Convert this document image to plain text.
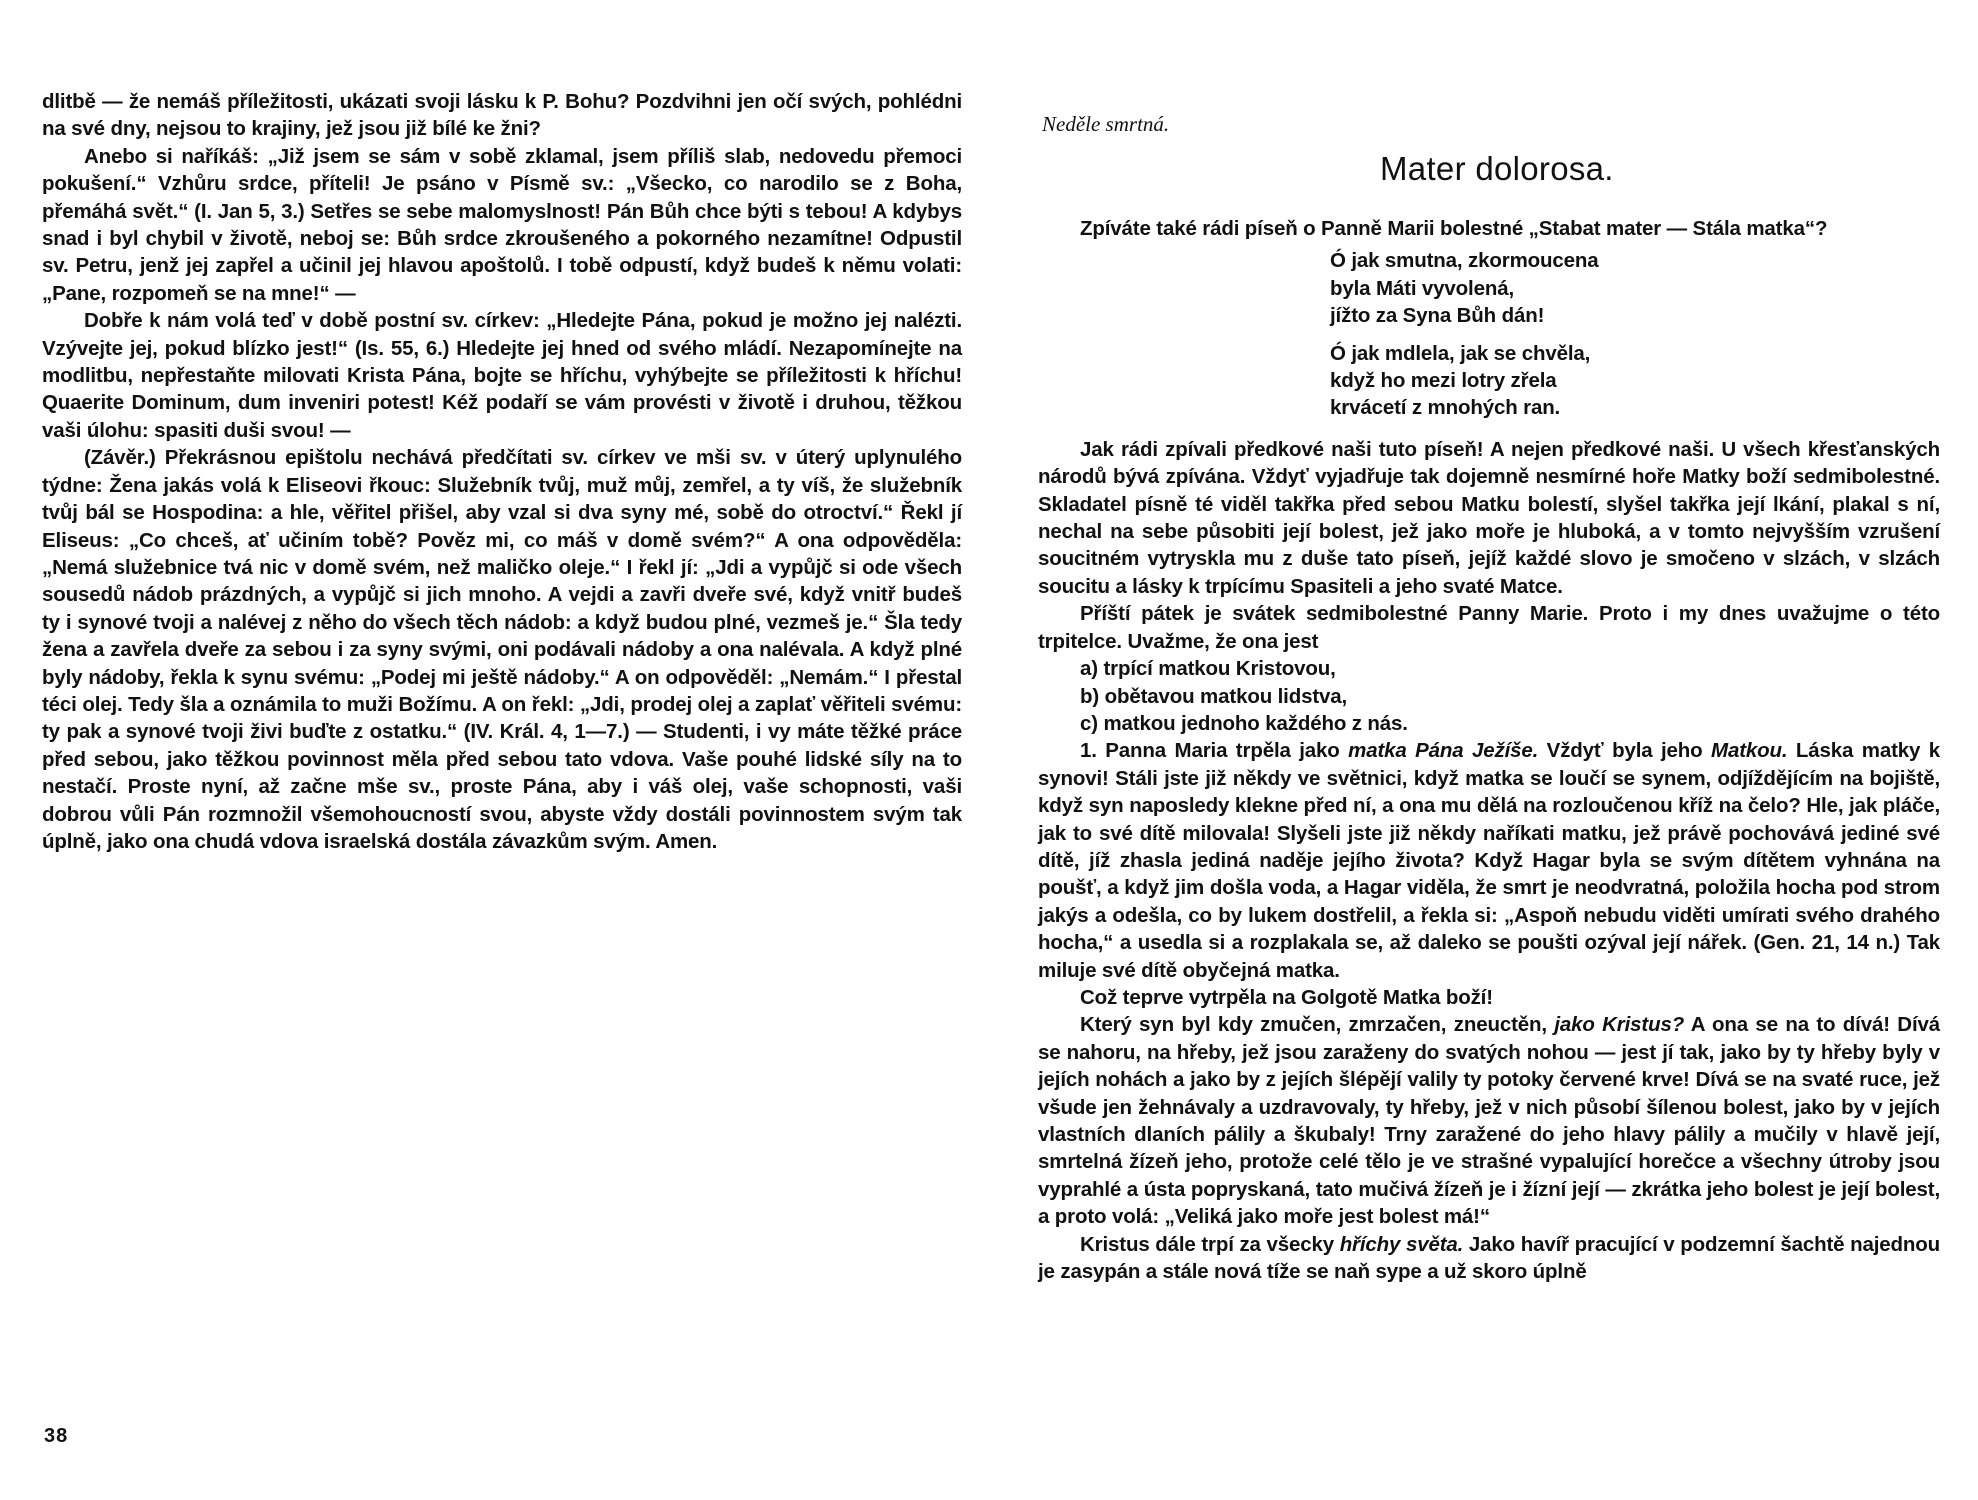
dlitbě — že nemáš příležitosti, ukázati svoji lásku k P. Bohu? Pozdvihni jen očí svých, pohlédni na své dny, nejsou to krajiny, jež jsou již bílé ke žni?

Anebo si naříkáš: „Již jsem se sám v sobě zklamal, jsem příliš slab, nedovedu přemoci pokušení.“ Vzhůru srdce, příteli! Je psáno v Písmě sv.: „Všecko, co narodilo se z Boha, přemáhá svět.“ (I. Jan 5, 3.) Setřes se sebe malomyslnost! Pán Bůh chce býti s tebou! A kdybys snad i byl chybil v životě, neboj se: Bůh srdce zkroušeného a pokorného nezamítne! Odpustil sv. Petru, jenž jej zapřel a učinil jej hlavou apoštolů. I tobě odpustí, když budeš k němu volati: „Pane, rozpomeň se na mne!“ —

Dobře k nám volá teď v době postní sv. církev: „Hledejte Pána, pokud je možno jej nalézti. Vzývejte jej, pokud blízko jest!“ (Is. 55, 6.) Hledejte jej hned od svého mládí. Nezapomínejte na modlitbu, nepřestaňte milovati Krista Pána, bojte se hříchu, vyhýbejte se příležitosti k hříchu! Quaerite Dominum, dum inveniri potest! Kéž podaří se vám provésti v životě i druhou, těžkou vaši úlohu: spasiti duši svou! —

(Závěr.) Překrásnou epištolu nechává předčítati sv. církev ve mši sv. v úterý uplynulého týdne: Žena jakás volá k Eliseovi řkouc: Služebník tvůj, muž můj, zemřel, a ty víš, že služebník tvůj bál se Hospodina: a hle, věřitel přišel, aby vzal si dva syny mé, sobě do otroctví.“ Řekl jí Eliseus: „Co chceš, ať učiním tobě? Pověz mi, co máš v domě svém?“ A ona odpověděla: „Nemá služebnice tvá nic v domě svém, než maličko oleje.“ I řekl jí: „Jdi a vypůjč si ode všech sousedů nádob prázdných, a vypůjč si jich mnoho. A vejdi a zavři dveře své, když vnitř budeš ty i synové tvoji a nalévej z něho do všech těch nádob: a když budou plné, vezmeš je.“ Šla tedy žena a zavřela dveře za sebou i za syny svými, oni podávali nádoby a ona nalévala. A když plné byly nádoby, řekla k synu svému: „Podej mi ještě nádoby.“ A on odpověděl: „Nemám.“ I přestal téci olej. Tedy šla a oznámila to muži Božímu. A on řekl: „Jdi, prodej olej a zaplať věřiteli svému: ty pak a synové tvoji živi buďte z ostatku.“ (IV. Král. 4, 1—7.) — Studenti, i vy máte těžké práce před sebou, jako těžkou povinnost měla před sebou tato vdova. Vaše pouhé lidské síly na to nestačí. Proste nyní, až začne mše sv., proste Pána, aby i váš olej, vaše schopnosti, vaši dobrou vůli Pán rozmnožil všemohoucností svou, abyste vždy dostáli povinnostem svým tak úplně, jako ona chudá vdova israelská dostála závazkům svým. Amen.

38
Neděle smrtná.
Mater dolorosa.

Zpíváte také rádi píseň o Panně Marii bolestné „Stabat mater — Stála matka“?

Ó jak smutna, zkormoucena
byla Máti vyvolená,
jížto za Syna Bůh dán!
Ó jak mdlela, jak se chvěla,
když ho mezi lotry zřela
krvácetí z mnohých ran.

Jak rádi zpívali předkové naši tuto píseň! A nejen předkové naši. U všech křesťanských národů bývá zpívána. Vždyť vyjadřuje tak dojemně nesmírné hoře Matky boží sedmibolestné. Skladatel písně té viděl takřka před sebou Matku bolestí, slyšel takřka její lkání, plakal s ní, nechal na sebe působiti její bolest, jež jako moře je hluboká, a v tomto nejvyšším vzrušení soucitném vytryskla mu z duše tato píseň, jejíž každé slovo je smočeno v slzách, v slzách soucitu a lásky k trpícímu Spasiteli a jeho svaté Matce.

Příští pátek je svátek sedmibolestné Panny Marie. Proto i my dnes uvažujme o této trpitelce. Uvažme, že ona jest

a) trpící matkou Kristovou,
b) obětavou matkou lidstva,
c) matkou jednoho každého z nás.

1. Panna Maria trpěla jako matka Pána Ježíše. Vždyť byla jeho Matkou. Láska matky k synovi! Stáli jste již někdy ve světnici, když matka se loučí se synem, odjíždějícím na bojiště, když syn naposledy klekne před ní, a ona mu dělá na rozloučenou kříž na čelo? Hle, jak pláče, jak to své dítě milovala! Slyšeli jste již někdy naříkati matku, jež právě pochovává jediné své dítě, jíž zhasla jediná naděje jejího života? Když Hagar byla se svým dítětem vyhnána na poušť, a když jim došla voda, a Hagar viděla, že smrt je neodvratná, položila hocha pod strom jakýs a odešla, co by lukem dostřelil, a řekla si: „Aspoň nebudu viděti umírati svého drahého hocha,“ a usedla si a rozplakala se, až daleko se poušti ozýval její nářek. (Gen. 21, 14 n.) Tak miluje své dítě obyčejná matka.

Což teprve vytrpěla na Golgotě Matka boží!

Který syn byl kdy zmučen, zmrzačen, zneuctěn, jako Kristus? A ona se na to dívá! Dívá se nahoru, na hřeby, jež jsou zaraženy do svatých nohou — jest jí tak, jako by ty hřeby byly v jejích nohách a jako by z jejích šlépějí valily ty potoky červené krve! Dívá se na svaté ruce, jež všude jen žehnávaly a uzdravovaly, ty hřeby, jež v nich působí šílenou bolest, jako by v jejích vlastních dlaních pálily a škubaly! Trny zaražené do jeho hlavy pálily a mučily v hlavě její, smrtelná žízeň jeho, protože celé tělo je ve strašné vypalující horečce a všechny útroby jsou vyprahlé a ústa popryskaná, tato mučivá žízeň je i žízní její — zkrátka jeho bolest je její bolest, a proto volá: „Veliká jako moře jest bolest má!“

Kristus dále trpí za všecky hříchy světa. Jako havíř pracující v podzemní šachtě najednou je zasypán a stále nová tíže se naň sype a už skoro úplně
